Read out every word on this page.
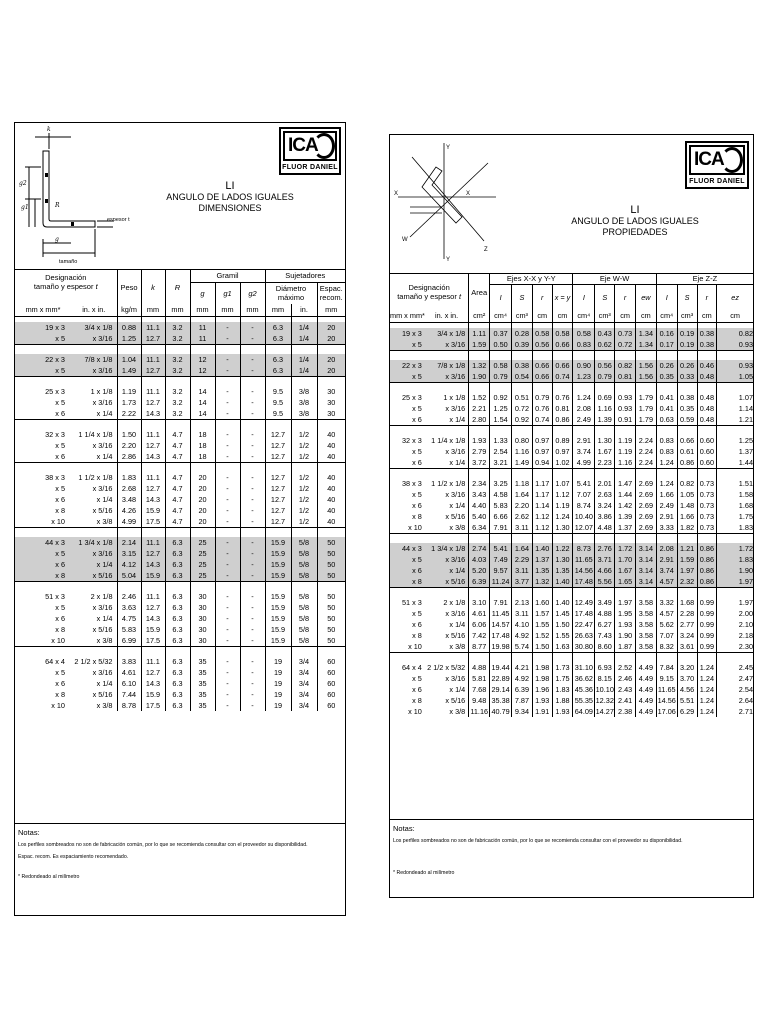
k
g2
g1	R
espesor t
g
tamaño
ICA
FLUOR DANIEL
LI
ANGULO DE LADOS IGUALES
DIMENSIONES
Designación
tamaño y espesor t		Peso	k	R	Gramil			Sujetadores		
					g	g1	g2	Diámetro
máximo		Espac.
recom.

mm x mm*	in. x in.	kg/m	mm	mm	mm	mm	mm	mm	in.	mm

19 x 3	3/4 x 1/8	0.88	11.1	3.2	11	-	-	6.3	1/4	20
x 5	x 3/16	1.25	12.7	3.2	11	-	-	6.3	1/4	20

22 x 3	7/8 x 1/8	1.04	11.1	3.2	12	-	-	6.3	1/4	20
x 5	x 3/16	1.49	12.7	3.2	12	-	-	6.3	1/4	20

25 x 3	1 x 1/8	1.19	11.1	3.2	14	-	-	9.5	3/8	30
x 5	x 3/16	1.73	12.7	3.2	14	-	-	9.5	3/8	30
x 6	x 1/4	2.22	14.3	3.2	14	-	-	9.5	3/8	30

32 x 3	1 1/4 x 1/8	1.50	11.1	4.7	18	-	-	12.7	1/2	40
x 5	x 3/16	2.20	12.7	4.7	18	-	-	12.7	1/2	40
x 6	x 1/4	2.86	14.3	4.7	18	-	-	12.7	1/2	40

38 x 3	1 1/2 x 1/8	1.83	11.1	4.7	20	-	-	12.7	1/2	40
x 5	x 3/16	2.68	12.7	4.7	20	-	-	12.7	1/2	40
x 6	x 1/4	3.48	14.3	4.7	20	-	-	12.7	1/2	40
x 8	x 5/16	4.26	15.9	4.7	20	-	-	12.7	1/2	40
x 10	x 3/8	4.99	17.5	4.7	20	-	-	12.7	1/2	40

44 x 3	1 3/4 x 1/8	2.14	11.1	6.3	25	-	-	15.9	5/8	50
x 5	x 3/16	3.15	12.7	6.3	25	-	-	15.9	5/8	50
x 6	x 1/4	4.12	14.3	6.3	25	-	-	15.9	5/8	50
x 8	x 5/16	5.04	15.9	6.3	25	-	-	15.9	5/8	50

51 x 3	2 x 1/8	2.46	11.1	6.3	30	-	-	15.9	5/8	50
x 5	x 3/16	3.63	12.7	6.3	30	-	-	15.9	5/8	50
x 6	x 1/4	4.75	14.3	6.3	30	-	-	15.9	5/8	50
x 8	x 5/16	5.83	15.9	6.3	30	-	-	15.9	5/8	50
x 10	x 3/8	6.99	17.5	6.3	30	-	-	15.9	5/8	50

64 x 4	2 1/2 x 5/32	3.83	11.1	6.3	35	-	-	19	3/4	60
x 5	x 3/16	4.61	12.7	6.3	35	-	-	19	3/4	60
x 6	x 1/4	6.10	14.3	6.3	35	-	-	19	3/4	60
x 8	x 5/16	7.44	15.9	6.3	35	-	-	19	3/4	60
x 10	x 3/8	8.78	17.5	6.3	35	-	-	19	3/4	60
Notas:

Los perfiles sombreados no son de fabricación común, por lo que se recomienda consultar con el proveedor su disponibilidad.

Espac. recom. Es espaciamiento recomendado.

* Redondeado al milímetro

Y
X	X
W
Z
Y
ICA
FLUOR DANIEL
LI
ANGULO DE LADOS IGUALES
PROPIEDADES
Designación
tamaño y espesor t		Area	Ejes X-X y Y-Y				Eje W-W				Eje Z-Z			
			I	S	r	x = y	I	S	r	ew	I	S	r	ez
mm x mm*	in. x in.	cm²	cm⁴	cm³	cm	cm	cm⁴	cm³	cm	cm	cm⁴	cm³	cm	cm

19 x 3	3/4 x 1/8	1.11	0.37	0.28	0.58	0.58	0.58	0.43	0.73	1.34	0.16	0.19	0.38	0.82
x 5	x 3/16	1.59	0.50	0.39	0.56	0.66	0.83	0.62	0.72	1.34	0.17	0.19	0.38	0.93

22 x 3	7/8 x 1/8	1.32	0.58	0.38	0.66	0.66	0.90	0.56	0.82	1.56	0.26	0.26	0.46	0.93
x 5	x 3/16	1.90	0.79	0.54	0.66	0.74	1.23	0.79	0.81	1.56	0.35	0.33	0.48	1.05

25 x 3	1 x 1/8	1.52	0.92	0.51	0.79	0.76	1.24	0.69	0.93	1.79	0.41	0.38	0.48	1.07
x 5	x 3/16	2.21	1.25	0.72	0.76	0.81	2.08	1.16	0.93	1.79	0.41	0.35	0.48	1.14
x 6	x 1/4	2.80	1.54	0.92	0.74	0.86	2.49	1.39	0.91	1.79	0.63	0.59	0.48	1.21

32 x 3	1 1/4 x 1/8	1.93	1.33	0.80	0.97	0.89	2.91	1.30	1.19	2.24	0.83	0.66	0.60	1.25
x 5	x 3/16	2.79	2.54	1.16	0.97	0.97	3.74	1.67	1.19	2.24	0.83	0.61	0.60	1.37
x 6	x 1/4	3.72	3.21	1.49	0.94	1.02	4.99	2.23	1.16	2.24	1.24	0.86	0.60	1.44

38 x 3	1 1/2 x 1/8	2.34	3.25	1.18	1.17	1.07	5.41	2.01	1.47	2.69	1.24	0.82	0.73	1.51
x 5	x 3/16	3.43	4.58	1.64	1.17	1.12	7.07	2.63	1.44	2.69	1.66	1.05	0.73	1.58
x 6	x 1/4	4.40	5.83	2.20	1.14	1.19	8.74	3.24	1.42	2.69	2.49	1.48	0.73	1.68
x 8	x 5/16	5.40	6.66	2.62	1.12	1.24	10.40	3.86	1.39	2.69	2.91	1.66	0.73	1.75
x 10	x 3/8	6.34	7.91	3.11	1.12	1.30	12.07	4.48	1.37	2.69	3.33	1.82	0.73	1.83

44 x 3	1 3/4 x 1/8	2.74	5.41	1.64	1.40	1.22	8.73	2.76	1.72	3.14	2.08	1.21	0.86	1.72
x 5	x 3/16	4.03	7.49	2.29	1.37	1.30	11.65	3.71	1.70	3.14	2.91	1.59	0.86	1.83
x 6	x 1/4	5.20	9.57	3.11	1.35	1.35	14.56	4.66	1.67	3.14	3.74	1.97	0.86	1.90
x 8	x 5/16	6.39	11.24	3.77	1.32	1.40	17.48	5.56	1.65	3.14	4.57	2.32	0.86	1.97

51 x 3	2 x 1/8	3.10	7.91	2.13	1.60	1.40	12.49	3.49	1.97	3.58	3.32	1.68	0.99	1.97
x 5	x 3/16	4.61	11.45	3.11	1.57	1.45	17.48	4.88	1.95	3.58	4.57	2.28	0.99	2.00
x 6	x 1/4	6.06	14.57	4.10	1.55	1.50	22.47	6.27	1.93	3.58	5.62	2.77	0.99	2.10
x 8	x 5/16	7.42	17.48	4.92	1.52	1.55	26.63	7.43	1.90	3.58	7.07	3.24	0.99	2.18
x 10	x 3/8	8.77	19.98	5.74	1.50	1.63	30.80	8.60	1.87	3.58	8.32	3.61	0.99	2.30

64 x 4	2 1/2 x 5/32	4.88	19.44	4.21	1.98	1.73	31.10	6.93	2.52	4.49	7.84	3.20	1.24	2.45
x 5	x 3/16	5.81	22.89	4.92	1.98	1.75	36.62	8.15	2.46	4.49	9.15	3.70	1.24	2.47
x 6	x 1/4	7.68	29.14	6.39	1.96	1.83	45.36	10.10	2.43	4.49	11.65	4.56	1.24	2.54
x 8	x 5/16	9.48	35.38	7.87	1.93	1.88	55.35	12.32	2.41	4.49	14.56	5.51	1.24	2.64
x 10	x 3/8	11.16	40.79	9.34	1.91	1.93	64.09	14.27	2.38	4.49	17.06	6.29	1.24	2.71
Notas:

Los perfiles sombreados no son de fabricación común, por lo que se recomienda consultar con el proveedor su disponibilidad.

* Redondeado al milímetro
